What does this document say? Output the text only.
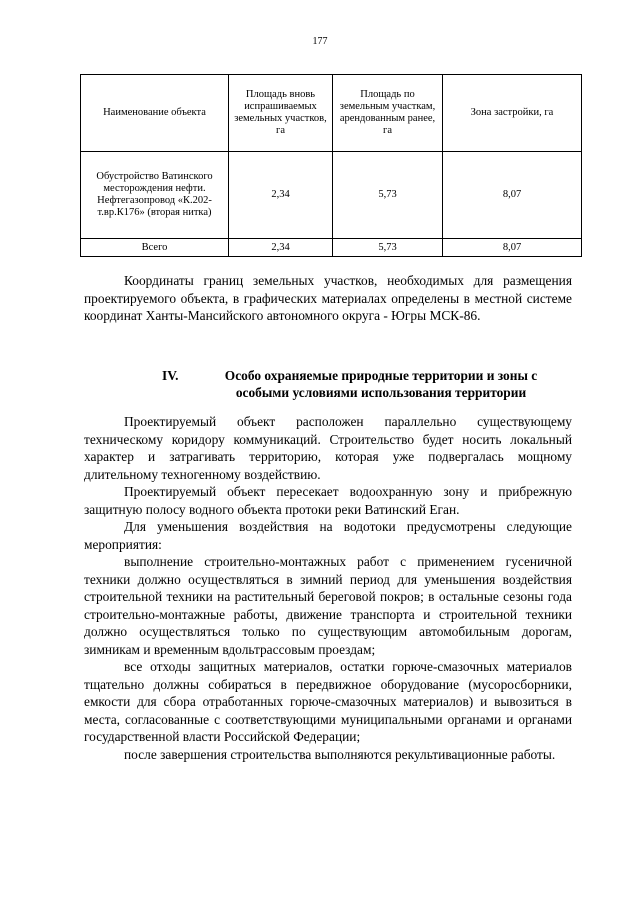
177
Наименование объекта	Площадь вновь испрашиваемых земельных участков, га	Площадь по земельным участкам, арендованным ранее, га	Зона застройки, га
Обустройство Ватинского месторождения нефти. Нефтегазопровод «К.202-т.вр.К176» (вторая нитка)	2,34	5,73	8,07
Всего	2,34	5,73	8,07

Координаты границ земельных участков, необходимых для размещения проектируемого объекта, в графических материалах определены в местной системе координат Ханты-Мансийского автономного округа - Югры МСК-86.

IV.	Особо охраняемые природные территории и зоны с особыми условиями использования территории

Проектируемый объект расположен параллельно существующему техническому коридору коммуникаций. Строительство будет носить локальный характер и затрагивать территорию, которая уже подвергалась мощному длительному техногенному воздействию.

Проектируемый объект пересекает водоохранную зону и прибрежную защитную полосу водного объекта протоки реки Ватинский Еган.

Для уменьшения воздействия на водотоки предусмотрены следующие мероприятия:

выполнение строительно-монтажных работ с применением гусеничной техники должно осуществляться в зимний период для уменьшения воздействия строительной техники на растительный береговой покров; в остальные сезоны года строительно-монтажные работы, движение транспорта и строительной техники должно осуществляться только по существующим автомобильным дорогам, зимникам и временным вдольтрассовым проездам;

все отходы защитных материалов, остатки горюче-смазочных материалов тщательно должны собираться в передвижное оборудование (мусоросборники, емкости для сбора отработанных горюче-смазочных материалов) и вывозиться в места, согласованные с соответствующими муниципальными органами и органами государственной власти Российской Федерации;

после завершения строительства выполняются рекультивационные работы.
